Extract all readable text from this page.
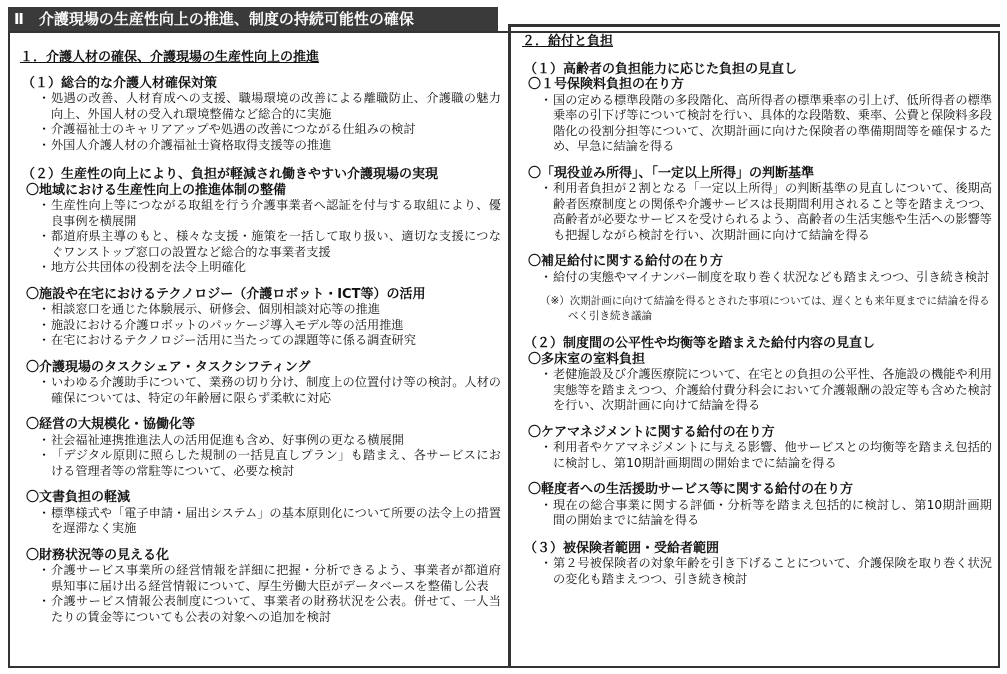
Ⅱ　介護現場の生産性向上の推進、制度の持続可能性の確保
１．介護人材の確保、介護現場の生産性向上の推進
（１）総合的な介護人材確保対策
・ 処遇の改善、人材育成への支援、職場環境の改善による離職防止、介護職の魅力向上、外国人材の受入れ環境整備など総合的に実施
・ 介護福祉士のキャリアアップや処遇の改善につながる仕組みの検討
・ 外国人介護人材の介護福祉士資格取得支援等の推進
（２）生産性の向上により、負担が軽減され働きやすい介護現場の実現
〇地域における生産性向上の推進体制の整備
・ 生産性向上等につながる取組を行う介護事業者へ認証を付与する取組により、優良事例を横展開
・ 都道府県主導のもと、様々な支援・施策を一括して取り扱い、適切な支援につなぐワンストップ窓口の設置など総合的な事業者支援
・ 地方公共団体の役割を法令上明確化
〇施設や在宅におけるテクノロジー（介護ロボット・ICT等）の活用
・ 相談窓口を通じた体験展示、研修会、個別相談対応等の推進
・ 施設における介護ロボットのパッケージ導入モデル等の活用推進
・ 在宅におけるテクノロジー活用に当たっての課題等に係る調査研究
〇介護現場のタスクシェア・タスクシフティング
・ いわゆる介護助手について、業務の切り分け、制度上の位置付け等の検討。人材の確保については、特定の年齢層に限らず柔軟に対応
〇経営の大規模化・協働化等
・ 社会福祉連携推進法人の活用促進も含め、好事例の更なる横展開
・ 「デジタル原則に照らした規制の一括見直しプラン」も踏まえ、各サービスにおける管理者等の常駐等について、必要な検討
〇文書負担の軽減
・ 標準様式や「電子申請・届出システム」の基本原則化について所要の法令上の措置を遅滞なく実施
〇財務状況等の見える化
・ 介護サービス事業所の経営情報を詳細に把握・分析できるよう、事業者が都道府県知事に届け出る経営情報について、厚生労働大臣がデータベースを整備し公表
・ 介護サービス情報公表制度について、事業者の財務状況を公表。併せて、一人当たりの賃金等についても公表の対象への追加を検討
２．給付と負担
（１）高齢者の負担能力に応じた負担の見直し
〇１号保険料負担の在り方
・ 国の定める標準段階の多段階化、高所得者の標準乗率の引上げ、低所得者の標準乗率の引下げ等について検討を行い、具体的な段階数、乗率、公費と保険料多段階化の役割分担等について、次期計画に向けた保険者の準備期間等を確保するため、早急に結論を得る
〇「現役並み所得」、「一定以上所得」の判断基準
・ 利用者負担が２割となる「一定以上所得」の判断基準の見直しについて、後期高齢者医療制度との関係や介護サービスは長期間利用されること等を踏まえつつ、高齢者が必要なサービスを受けられるよう、高齢者の生活実態や生活への影響等も把握しながら検討を行い、次期計画に向けて結論を得る
〇補足給付に関する給付の在り方
・ 給付の実態やマイナンバー制度を取り巻く状況なども踏まえつつ、引き続き検討
（※）次期計画に向けて結論を得るとされた事項については、遅くとも来年夏までに結論を得るべく引き続き議論
（２）制度間の公平性や均衡等を踏まえた給付内容の見直し
〇多床室の室料負担
・ 老健施設及び介護医療院について、在宅との負担の公平性、各施設の機能や利用実態等を踏まえつつ、介護給付費分科会において介護報酬の設定等も含めた検討を行い、次期計画に向けて結論を得る
〇ケアマネジメントに関する給付の在り方
・ 利用者やケアマネジメントに与える影響、他サービスとの均衡等を踏まえ包括的に検討し、第10期計画期間の開始までに結論を得る
〇軽度者への生活援助サービス等に関する給付の在り方
・ 現在の総合事業に関する評価・分析等を踏まえ包括的に検討し、第10期計画期間の開始までに結論を得る
（３）被保険者範囲・受給者範囲
・ 第２号被保険者の対象年齢を引き下げることについて、介護保険を取り巻く状況の変化も踏まえつつ、引き続き検討
